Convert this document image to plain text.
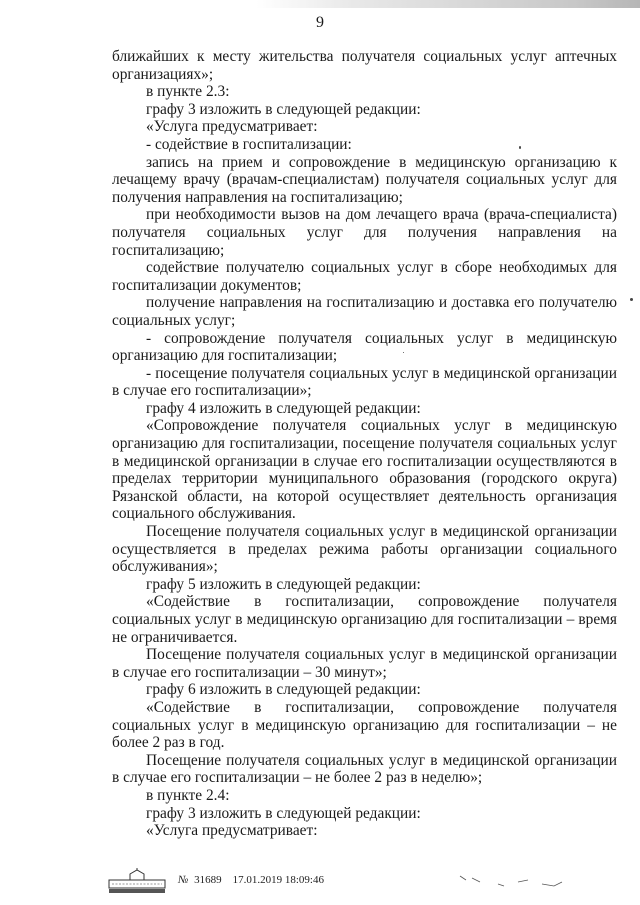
9

ближайших к месту жительства получателя социальных услуг аптечных организациях»;

в пункте 2.3:

графу 3 изложить в следующей редакции:

«Услуга предусматривает:

- содействие в госпитализации:

запись на прием и сопровождение в медицинскую организацию к лечащему врачу (врачам-специалистам) получателя социальных услуг для получения направления на госпитализацию;

при необходимости вызов на дом лечащего врача (врача-специалиста) получателя социальных услуг для получения направления на госпитализацию;

содействие получателю социальных услуг в сборе необходимых для госпитализации документов;

получение направления на госпитализацию и доставка его получателю социальных услуг;

- сопровождение получателя социальных услуг в медицинскую организацию для госпитализации;

- посещение получателя социальных услуг в медицинской организации в случае его госпитализации»;

графу 4 изложить в следующей редакции:

«Сопровождение получателя социальных услуг в медицинскую организацию для госпитализации, посещение получателя социальных услуг в медицинской организации в случае его госпитализации осуществляются в пределах территории муниципального образования (городского округа) Рязанской области, на которой осуществляет деятельность организация социального обслуживания.

Посещение получателя социальных услуг в медицинской организации осуществляется в пределах режима работы организации социального обслуживания»;

графу 5 изложить в следующей редакции:

«Содействие в госпитализации, сопровождение получателя социальных услуг в медицинскую организацию для госпитализации – время не ограничивается.

Посещение получателя социальных услуг в медицинской организации в случае его госпитализации – 30 минут»;

графу 6 изложить в следующей редакции:

«Содействие в госпитализации, сопровождение получателя социальных услуг в медицинскую организацию для госпитализации – не более 2 раз в год.

Посещение получателя социальных услуг в медицинской организации в случае его госпитализации – не более 2 раз в неделю»;

в пункте 2.4:

графу 3 изложить в следующей редакции:

«Услуга предусматривает:

№ 31689 17.01.2019 18:09:46
